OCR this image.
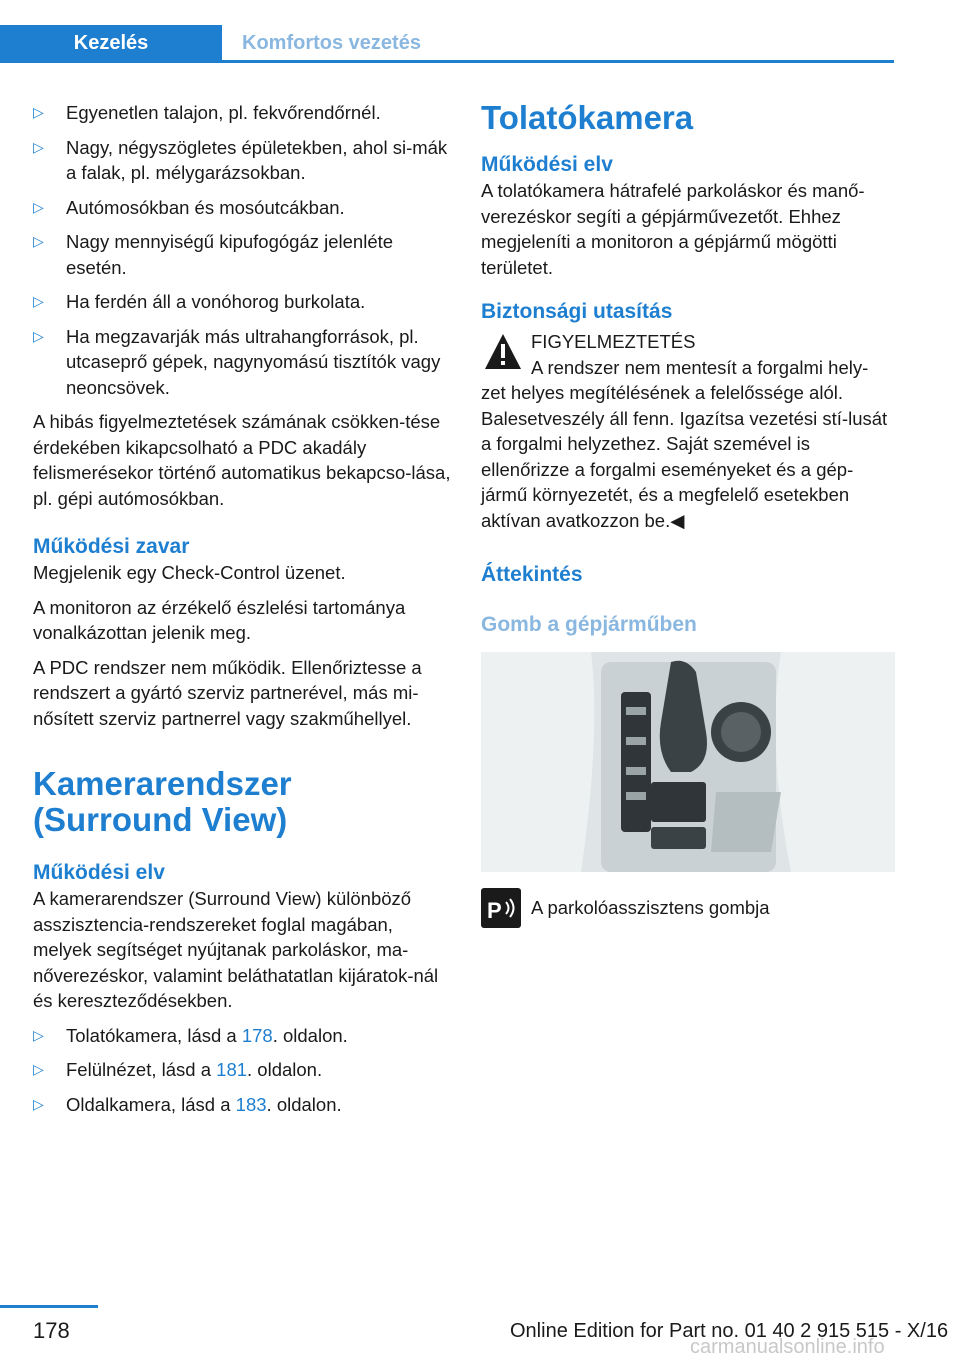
Kezelés	Komfortos vezetés
▷	Egyenetlen talajon, pl. fekvőrendőrnél.
▷	Nagy, négyszögletes épületekben, ahol si-mák a falak, pl. mélygarázsokban.
▷	Autómosókban és mosóutcákban.
▷	Nagy mennyiségű kipufogógáz jelenléte esetén.
▷	Ha ferdén áll a vonóhorog burkolata.
▷	Ha megzavarják más ultrahangforrások, pl. utcaseprő gépek, nagynyomású tisztítók vagy neoncsövek.

A hibás figyelmeztetések számának csökken-tése érdekében kikapcsolható a PDC akadály felismerésekor történő automatikus bekapcso-lása, pl. gépi autómosókban.

Működési zavar

Megjelenik egy Check-Control üzenet.

A monitoron az érzékelő észlelési tartománya vonalkázottan jelenik meg.

A PDC rendszer nem működik. Ellenőriztesse a rendszert a gyártó szerviz partnerével, más mi-nősített szerviz partnerrel vagy szakműhellyel.

Kamerarendszer (Surround View)
Működési elv

A kamerarendszer (Surround View) különböző asszisztencia-rendszereket foglal magában, melyek segítséget nyújtanak parkoláskor, ma-nőverezéskor, valamint beláthatatlan kijáratok-nál és kereszteződésekben.

▷	Tolatókamera, lásd a 178. oldalon.
▷	Felülnézet, lásd a 181. oldalon.
▷	Oldalkamera, lásd a 183. oldalon.
Tolatókamera
Működési elv

A tolatókamera hátrafelé parkoláskor és manő-verezéskor segíti a gépjárművezetőt. Ehhez megjeleníti a monitoron a gépjármű mögötti területet.

Biztonsági utasítás
FIGYELMEZTETÉS
A rendszer nem mentesít a forgalmi hely-

zet helyes megítélésének a felelőssége alól. Balesetveszély áll fenn. Igazítsa vezetési stí-lusát a forgalmi helyzethez. Saját szemével is ellenőrizze a forgalmi eseményeket és a gép-jármű környezetét, és a megfelelő esetekben aktívan avatkozzon be.◀

Áttekintés
Gomb a gépjárműben
P A parkolóasszisztens gombja
178	Online Edition for Part no. 01 40 2 915 515 - X/16
carmanualsonline.info
